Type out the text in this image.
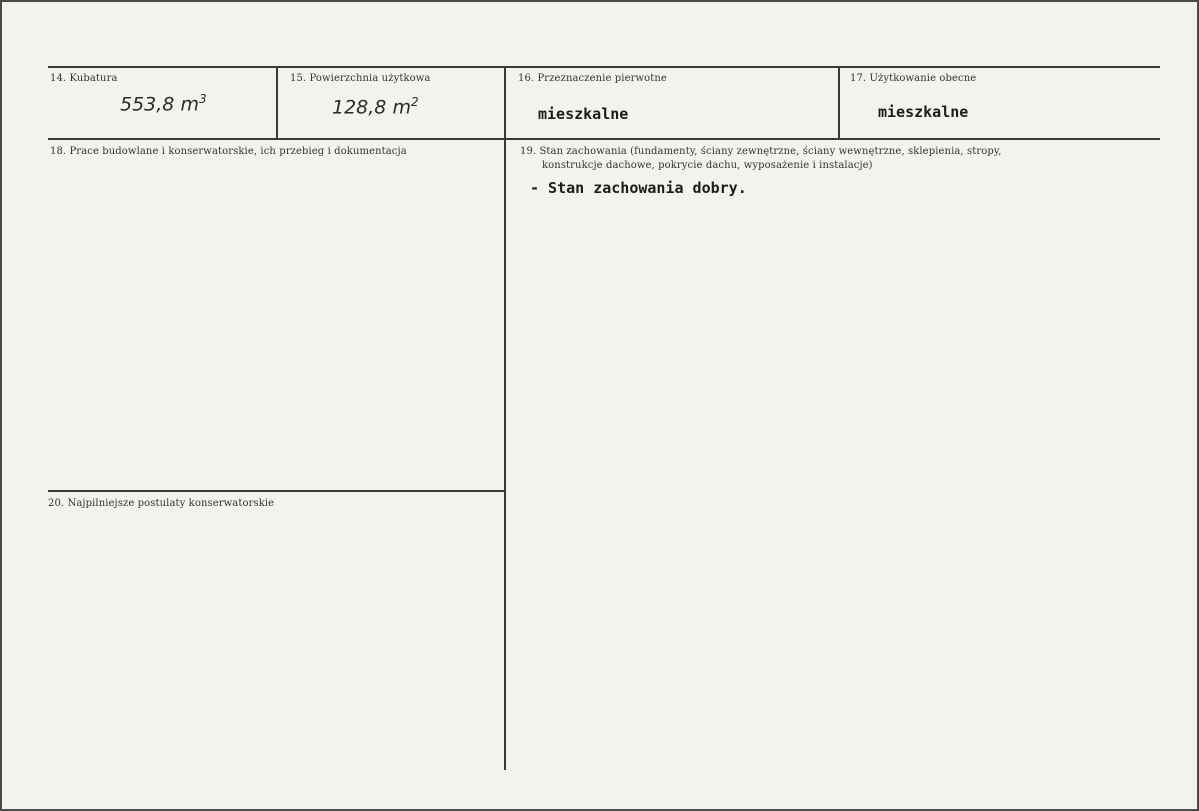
14. Kubatura
553,8 $m^3$
15. Powierzchnia użytkowa
128,8 $m^2$
16. Przeznaczenie pierwotne
mieszkalne
17. Użytkowanie obecne
mieszkalne
18. Prace budowlane i konserwatorskie, ich przebieg i dokumentacja	19. Stan zachowania (fundamenty, ściany zewnętrzne, ściany wewnętrzne, sklepienia, stropy,
konstrukcje dachowe, pokrycie dachu, wyposażenie i instalacje)
- Stan zachowania dobry.
20. Najpilniejsze postulaty konserwatorskie
